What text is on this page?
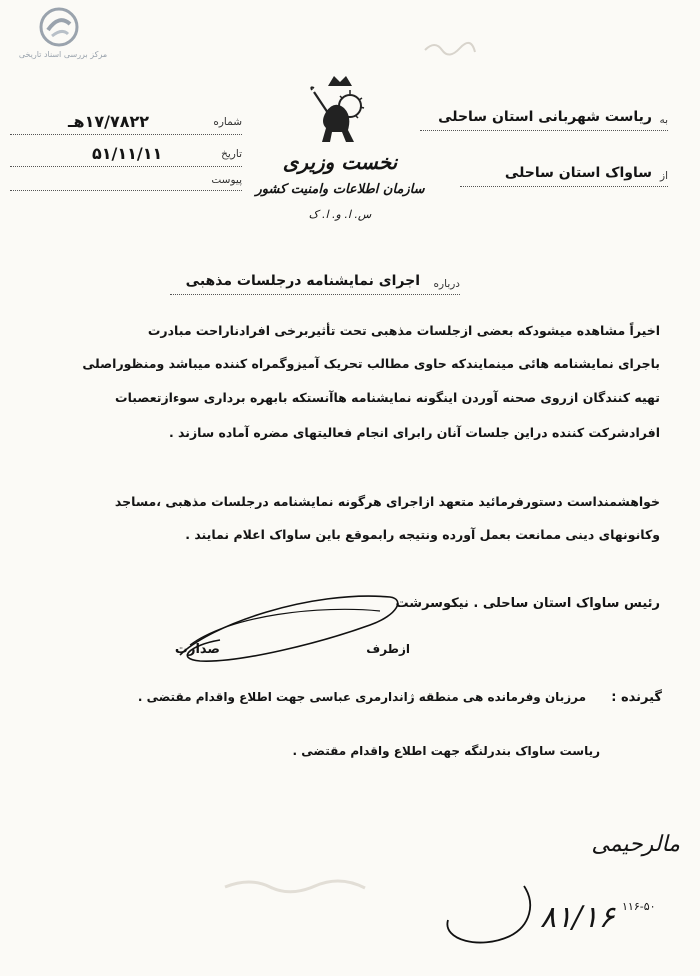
مرکز بررسی اسناد تاریخی
نخست وزیری
سازمان اطلاعات وامنیت کشور
س. ا. و. ا. ک
۱۷/۷۸۲۲هـ	شماره
۵۱/۱۱/۱۱	تاریخ
پیوست
به
ریاست شهربانی استان ساحلی
از
ساواک استان ساحلی
درباره
اجرای نمایشنامه درجلسات مذهبی
اخیراً مشاهده میشودکه بعضی ازجلسات مذهبی تحت تأثیربرخی افرادناراحت مبادرت
باجرای نمایشنامه هائی مینمایندکه حاوی مطالب تحریک آمیزوگمراه کننده میباشد ومنظوراصلی
تهیه کنندگان ازروی صحنه آوردن اینگونه نمایشنامه هاآنستکه بابهره برداری سوءازتعصبات
افرادشرکت کننده دراین جلسات آنان رابرای انجام فعالیتهای مضره آماده سازند .
خواهشمنداست دستورفرمائید متعهد ازاجرای هرگونه نمایشنامه درجلسات مذهبی ،مساجد
وکانونهای دینی ممانعت بعمل آورده ونتیجه رابموقع باین ساواک اعلام نمایند .
رئیس ساواک استان ساحلی . نیکوسرشت
ازطرف
صدارت
گیرنده :
مرزبان وفرمانده هی منطقه ژاندارمری عباسی جهت اطلاع واقدام مقتضی .
ریاست ساواک بندرلنگه جهت اطلاع واقدام مقتضی .
مالرحیمی
۸۱/۱۶ ۱۱۶-۵۰
